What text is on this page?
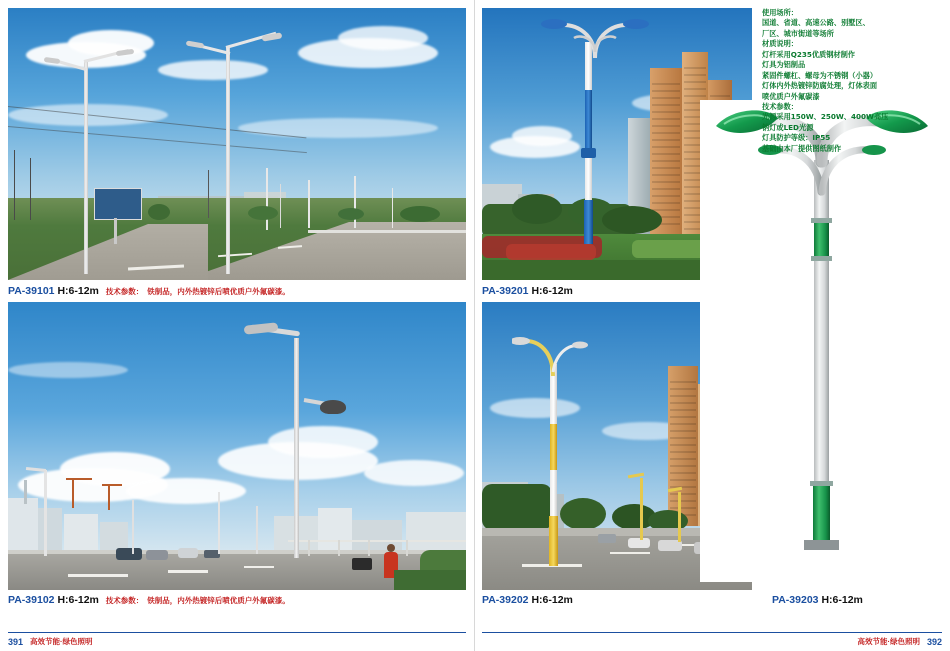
PA-39101 H:6-12m 技术参数： 铁制品，内外热镀锌后喷优质户外氟碳漆。
PA-39102 H:6-12m 技术参数： 铁制品，内外热镀锌后喷优质户外氟碳漆。
PA-39201 H:6-12m
PA-39202 H:6-12m	PA-39203 H:6-12m
使用场所：
国道、省道、高速公路、别墅区、
厂区、城市街道等场所
材质说明：
灯杆采用Q235优质钢材制作
灯具为铝制品
紧固件螺杠、螺母为不锈钢（小器）
灯体内外热镀锌防腐处理，灯体表面
喷优质户外氟碳漆
技术参数：
光源采用150W、250W、400W高压
钠灯或LED光源
灯具防护等级：IP55
基础由本厂提供图纸制作
391 高效节能·绿色照明	392
高效节能·绿色照明
